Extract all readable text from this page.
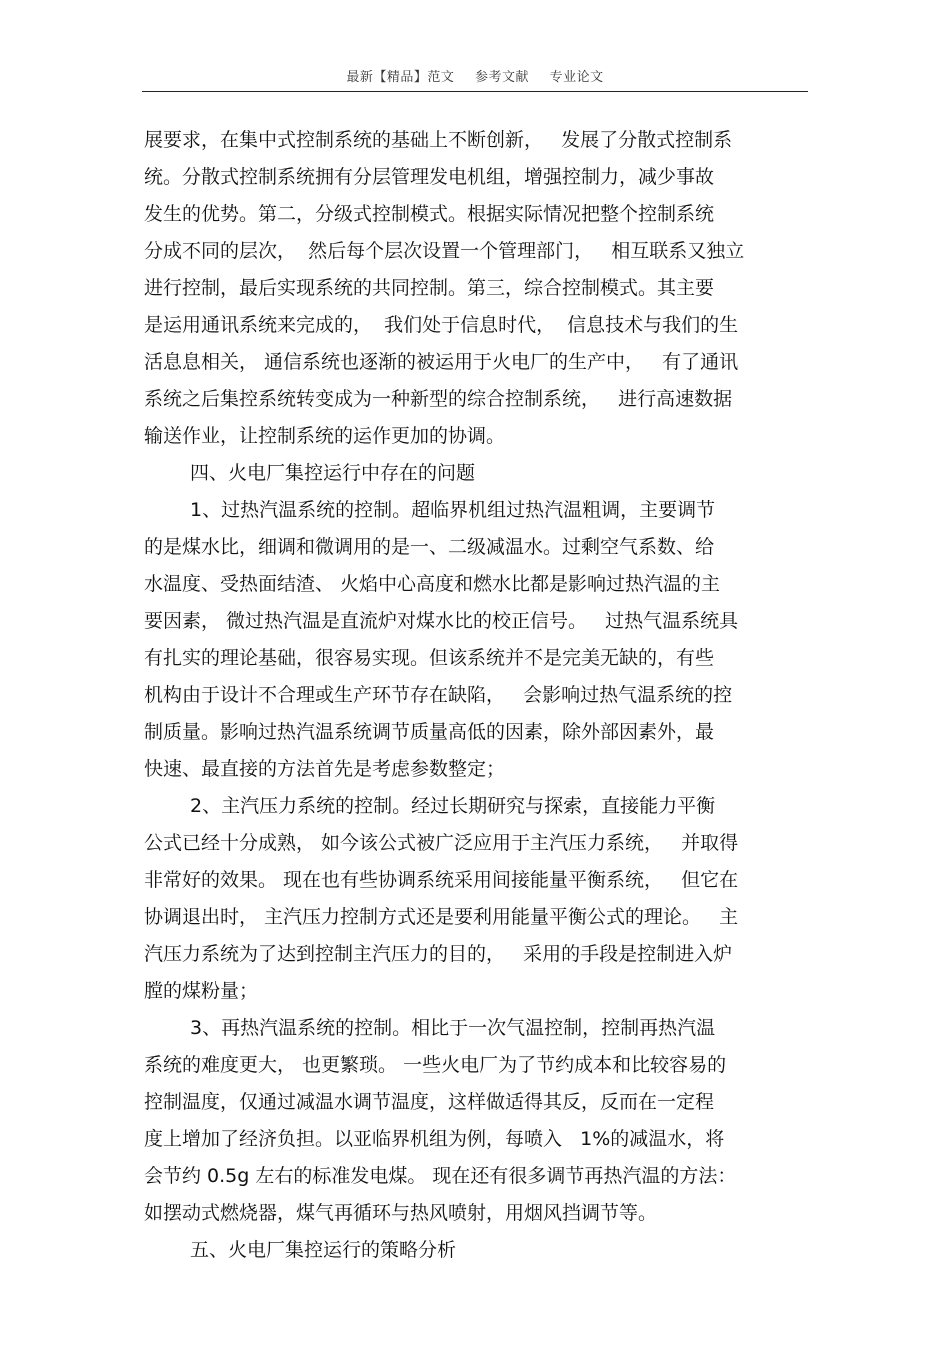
最新【精品】范文 参考文献 专业论文
展要求，在集中式控制系统的基础上不断创新，   发展了分散式控制系
统。分散式控制系统拥有分层管理发电机组，增强控制力，减少事故
发生的优势。第二，分级式控制模式。根据实际情况把整个控制系统
分成不同的层次，  然后每个层次设置一个管理部门，   相互联系又独立
进行控制，最后实现系统的共同控制。第三，综合控制模式。其主要
是运用通讯系统来完成的，  我们处于信息时代，  信息技术与我们的生
活息息相关， 通信系统也逐渐的被运用于火电厂的生产中，   有了通讯
系统之后集控系统转变成为一种新型的综合控制系统，   进行高速数据
输送作业，让控制系统的运作更加的协调。
四、火电厂集控运行中存在的问题
1、过热汽温系统的控制。超临界机组过热汽温粗调，主要调节
的是煤水比，细调和微调用的是一、二级减温水。过剩空气系数、给
水温度、受热面结渣、 火焰中心高度和燃水比都是影响过热汽温的主
要因素， 微过热汽温是直流炉对煤水比的校正信号。   过热气温系统具
有扎实的理论基础，很容易实现。但该系统并不是完美无缺的，有些
机构由于设计不合理或生产环节存在缺陷，   会影响过热气温系统的控
制质量。影响过热汽温系统调节质量高低的因素，除外部因素外，最
快速、最直接的方法首先是考虑参数整定；
2、主汽压力系统的控制。经过长期研究与探索，直接能力平衡
公式已经十分成熟， 如今该公式被广泛应用于主汽压力系统，   并取得
非常好的效果。 现在也有些协调系统采用间接能量平衡系统，   但它在
协调退出时， 主汽压力控制方式还是要利用能量平衡公式的理论。   主
汽压力系统为了达到控制主汽压力的目的，   采用的手段是控制进入炉
膛的煤粉量；
3、再热汽温系统的控制。相比于一次气温控制，控制再热汽温
系统的难度更大， 也更繁琐。 一些火电厂为了节约成本和比较容易的
控制温度，仅通过减温水调节温度，这样做适得其反，反而在一定程
度上增加了经济负担。以亚临界机组为例，每喷入   1%的减温水，将
会节约 0.5g 左右的标准发电煤。 现在还有很多调节再热汽温的方法：
如摆动式燃烧器，煤气再循环与热风喷射，用烟风挡调节等。
五、火电厂集控运行的策略分析
